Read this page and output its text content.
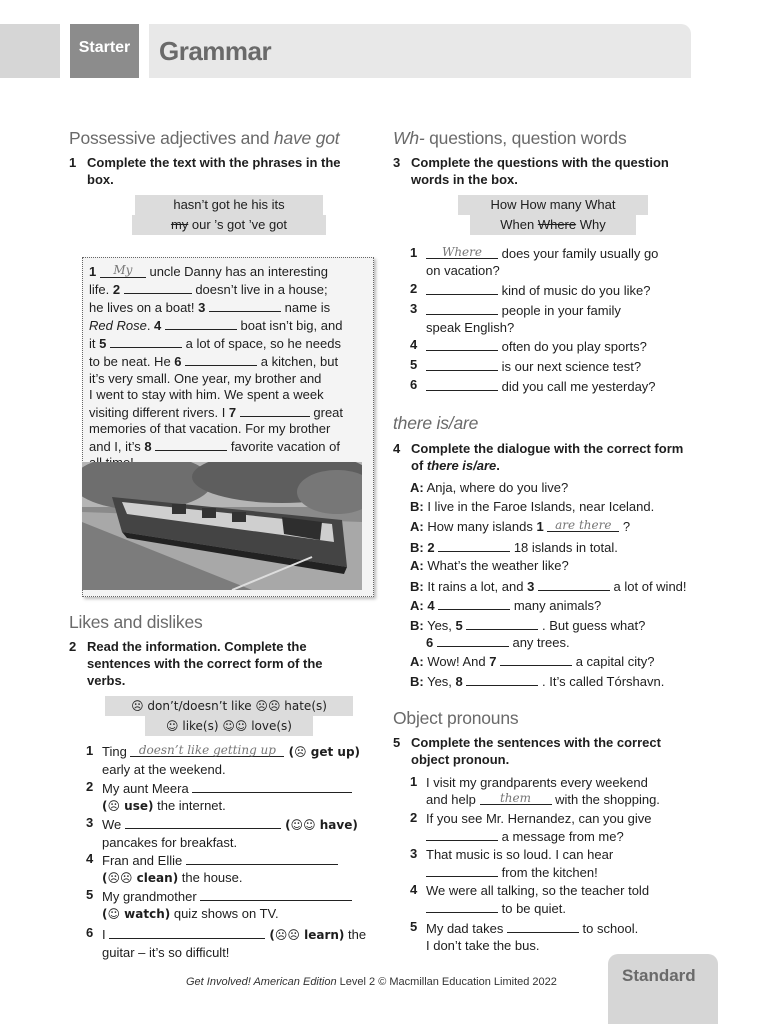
Starter	Grammar
Possessive adjectives and have got
1 Complete the text with the phrases in the box.
hasn’t got he his its
my our ’s got ’ve got
1 My uncle Danny has an interesting
life. 2	doesn’t live in a house;
he lives on a boat! 3	name is
Red Rose. 4	boat isn’t big, and
it 5	a lot of space, so he needs
to be neat. He 6	a kitchen, but
it’s very small. One year, my brother and
I went to stay with him. We spent a week
visiting different rivers. I 7	great
memories of that vacation. For my brother
and I, it’s 8	favorite vacation of
Likes and dislikes
2 Read the information. Complete the sentences with the correct form of the verbs.
☹ don’t/doesn’t like ☹☹ hate(s)
☺ like(s) ☺☺ love(s)
1 Ting doesn’t like getting up (☹ get up)
early at the weekend.
2 My aunt Meera
(☹ use) the internet.
3 We	(☺☺ have)
pancakes for breakfast.
4 Fran and Ellie
(☹☹ clean) the house.
5 My grandmother
(☺ watch) quiz shows on TV.
6 I	(☹☹ learn) the
guitar – it’s so difficult!
Wh- questions, question words
3 Complete the questions with the question words in the box.
How How many What
When Where Why
1	Where does your family usually go
on vacation?
2	kind of music do you like?
3	people in your family
speak English?
4	often do you play sports?
5	is our next science test?
6	did you call me yesterday?
there is/are
4 Complete the dialogue with the correct form of there is/are.
A: Anja, where do you live?
B: I live in the Faroe Islands, near Iceland.
A: How many islands 1 are there ?
B: 2	18 islands in total.
A: What’s the weather like?
B: It rains a lot, and 3	a lot of wind!
A: 4	many animals?
B: Yes, 5	. But guess what?
6	any trees.
A: Wow! And 7	a capital city?
B: Yes, 8	. It’s called Tórshavn.
Object pronouns
5 Complete the sentences with the correct object pronoun.
1 I visit my grandparents every weekend
and help them with the shopping.
2 If you see Mr. Hernandez, can you give
a message from me?
3 That music is so loud. I can hear
from the kitchen!
4 We were all talking, so the teacher told
to be quiet.
5 My dad takes	to school.
I don’t take the bus.
Get Involved! American Edition Level 2 © Macmillan Education Limited 2022	Standard
